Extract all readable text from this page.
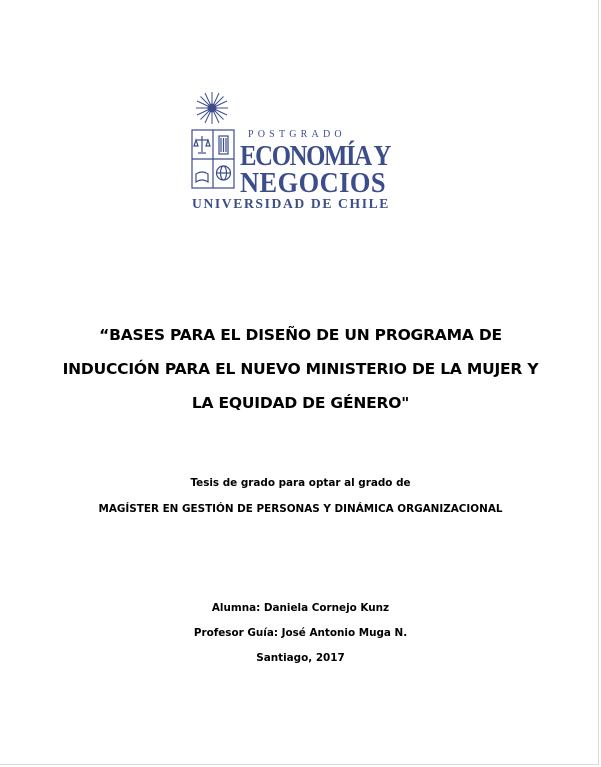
POSTGRADO
ECONOMÍA Y
NEGOCIOS
UNIVERSIDAD DE CHILE
“BASES PARA EL DISEÑO DE UN PROGRAMA DE
INDUCCIÓN PARA EL NUEVO MINISTERIO DE LA MUJER Y
LA EQUIDAD DE GÉNERO"
Tesis de grado para optar al grado de
MAGÍSTER EN GESTIÓN DE PERSONAS Y DINÁMICA ORGANIZACIONAL
Alumna: Daniela Cornejo Kunz
Profesor Guía: José Antonio Muga N.
Santiago, 2017
